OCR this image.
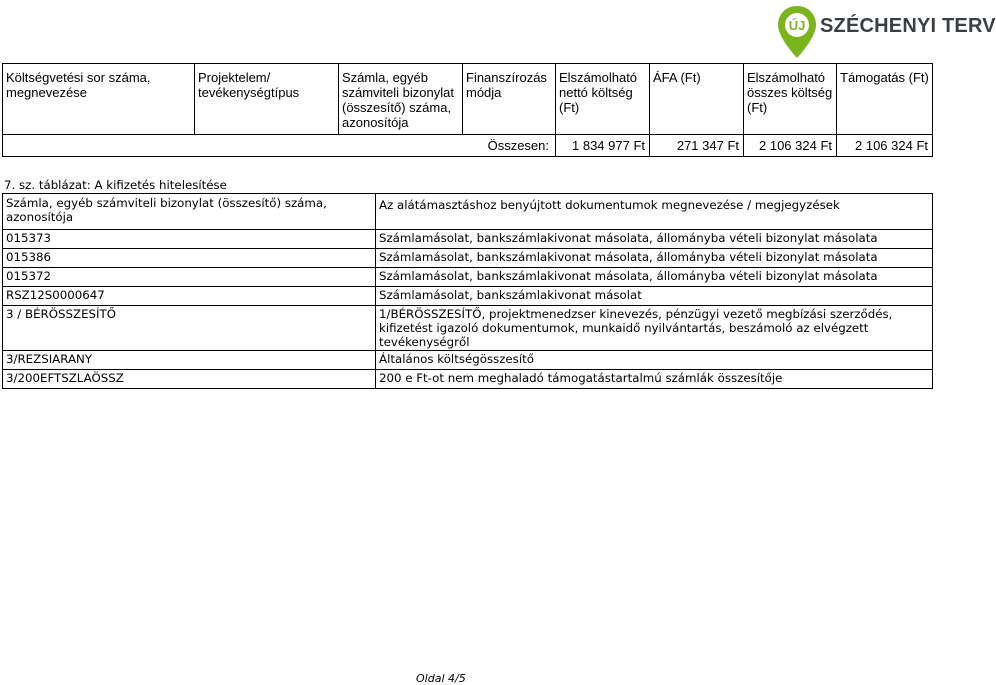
ÚJ SZÉCHENYI TERV
Költségvetési sor száma, megnevezése	Projektelem/ tevékenységtípus	Számla, egyéb számviteli bizonylat (összesítő) száma, azonosítója	Finanszírozás módja	Elszámolható nettó költség (Ft)	ÁFA (Ft)	Elszámolható összes költség (Ft)	Támogatás (Ft)
Összesen:				1 834 977 Ft	271 347 Ft	2 106 324 Ft	2 106 324 Ft
7. sz. táblázat: A kifizetés hitelesítése
Számla, egyéb számviteli bizonylat (összesítő) száma, azonosítója	Az alátámasztáshoz benyújtott dokumentumok megnevezése / megjegyzések
015373	Számlamásolat, bankszámlakivonat másolata, állományba vételi bizonylat másolata
015386	Számlamásolat, bankszámlakivonat másolata, állományba vételi bizonylat másolata
015372	Számlamásolat, bankszámlakivonat másolata, állományba vételi bizonylat másolata
RSZ12S0000647	Számlamásolat, bankszámlakivonat másolat
3 / BÉRÖSSZESÍTŐ	1/BÉRÖSSZESÍTŐ, projektmenedzser kinevezés, pénzügyi vezető megbízási szerződés, kifizetést igazoló dokumentumok, munkaidő nyilvántartás, beszámoló az elvégzett tevékenységről
3/REZSIARANY	Általános költségösszesítő
3/200EFTSZLAÖSSZ	200 e Ft-ot nem meghaladó támogatástartalmú számlák összesítője
Oldal 4/5
